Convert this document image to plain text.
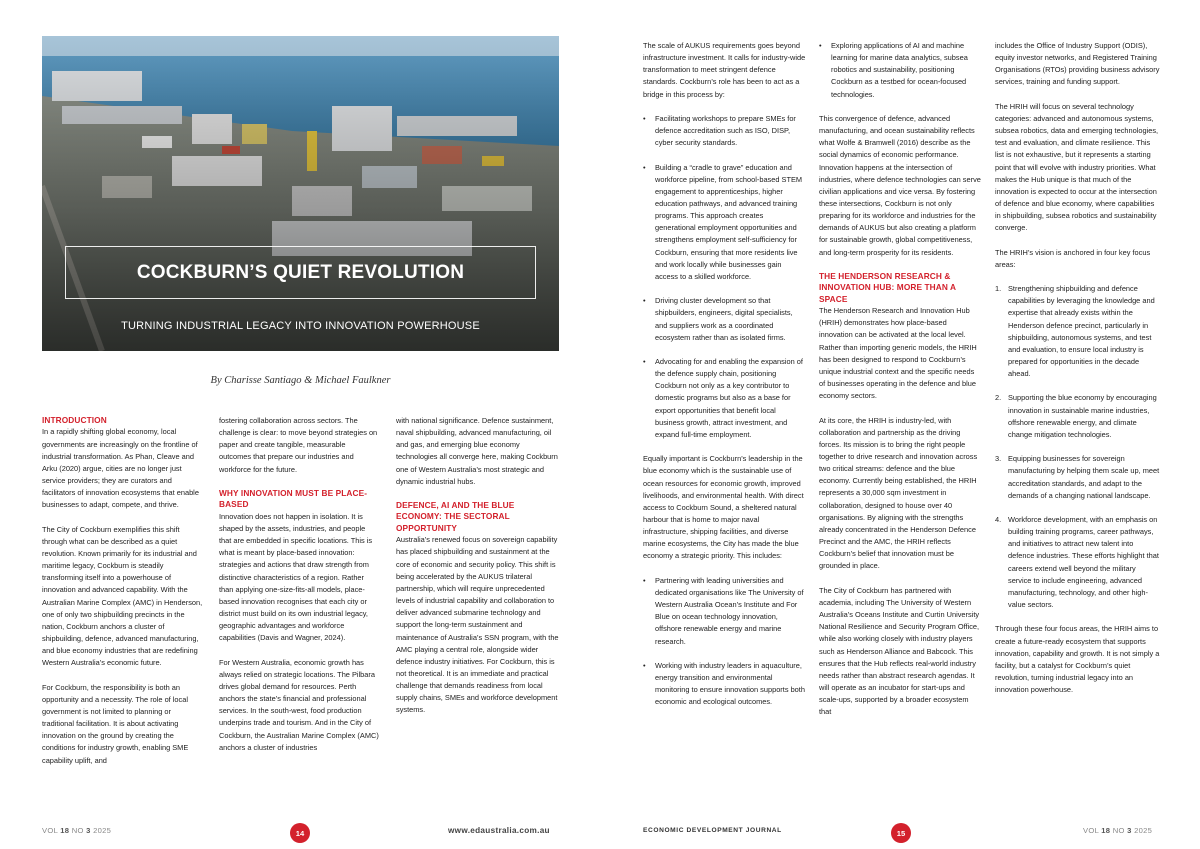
COCKBURN’S QUIET REVOLUTION
TURNING INDUSTRIAL LEGACY INTO INNOVATION POWERHOUSE
By Charisse Santiago & Michael Faulkner
INTRODUCTION

In a rapidly shifting global economy, local governments are increasingly on the frontline of industrial transformation. As Phan, Cleave and Arku (2020) argue, cities are no longer just service providers; they are curators and facilitators of innovation ecosystems that enable businesses to adapt, compete, and thrive.

The City of Cockburn exemplifies this shift through what can be described as a quiet revolution. Known primarily for its industrial and maritime legacy, Cockburn is steadily transforming itself into a powerhouse of innovation and advanced capability. With the Australian Marine Complex (AMC) in Henderson, one of only two shipbuilding precincts in the nation, Cockburn anchors a cluster of shipbuilding, defence, advanced manufacturing, and blue economy industries that are redefining Western Australia’s economic future.

For Cockburn, the responsibility is both an opportunity and a necessity. The role of local government is not limited to planning or traditional facilitation. It is about activating innovation on the ground by creating the conditions for industry growth, enabling SME capability uplift, and

fostering collaboration across sectors. The challenge is clear: to move beyond strategies on paper and create tangible, measurable outcomes that prepare our industries and workforce for the future.

WHY INNOVATION MUST BE PLACE-BASED

Innovation does not happen in isolation. It is shaped by the assets, industries, and people that are embedded in specific locations. This is what is meant by place-based innovation: strategies and actions that draw strength from distinctive characteristics of a region. Rather than applying one-size-fits-all models, place-based innovation recognises that each city or district must build on its own industrial legacy, geographic advantages and workforce capabilities (Davis and Wagner, 2024).

For Western Australia, economic growth has always relied on strategic locations. The Pilbara drives global demand for resources. Perth anchors the state’s financial and professional services. In the south-west, food production underpins trade and tourism. And in the City of Cockburn, the Australian Marine Complex (AMC) anchors a cluster of industries

with national significance. Defence sustainment, naval shipbuilding, advanced manufacturing, oil and gas, and emerging blue economy technologies all converge here, making Cockburn one of Western Australia’s most strategic and dynamic industrial hubs.

DEFENCE, AI AND THE BLUE ECONOMY: THE SECTORAL OPPORTUNITY

Australia’s renewed focus on sovereign capability has placed shipbuilding and sustainment at the core of economic and security policy. This shift is being accelerated by the AUKUS trilateral partnership, which will require unprecedented levels of industrial capability and collaboration to deliver advanced submarine technology and support the long-term sustainment and maintenance of Australia’s SSN program, with the AMC playing a central role, alongside wider defence industry initiatives. For Cockburn, this is not theoretical. It is an immediate and practical challenge that demands readiness from local supply chains, SMEs and workforce development systems.

VOL 18 NO 3 2025	14	www.edaustralia.com.au

The scale of AUKUS requirements goes beyond infrastructure investment. It calls for industry-wide transformation to meet stringent defence standards. Cockburn’s role has been to act as a bridge in this process by:

• Facilitating workshops to prepare SMEs for defence accreditation such as ISO, DISP, cyber security standards.
• Building a “cradle to grave” education and workforce pipeline, from school-based STEM engagement to apprenticeships, higher education pathways, and advanced training programs. This approach creates generational employment opportunities and strengthens employment self-sufficiency for Cockburn, ensuring that more residents live and work locally while businesses gain access to a skilled workforce.
• Driving cluster development so that shipbuilders, engineers, digital specialists, and suppliers work as a coordinated ecosystem rather than as isolated firms.
• Advocating for and enabling the expansion of the defence supply chain, positioning Cockburn not only as a key contributor to domestic programs but also as a base for export opportunities that benefit local business growth, attract investment, and expand full-time employment.

Equally important is Cockburn’s leadership in the blue economy which is the sustainable use of ocean resources for economic growth, improved livelihoods, and environmental health. With direct access to Cockburn Sound, a sheltered natural harbour that is home to major naval infrastructure, shipping facilities, and diverse marine ecosystems, the City has made the blue economy a strategic priority. This includes:

• Partnering with leading universities and dedicated organisations like The University of Western Australia Ocean’s Institute and For Blue on ocean technology innovation, offshore renewable energy and marine research.
• Working with industry leaders in aquaculture, energy transition and environmental monitoring to ensure innovation supports both economic and ecological outcomes.
• Exploring applications of AI and machine learning for marine data analytics, subsea robotics and sustainability, positioning Cockburn as a testbed for ocean-focused technologies.

This convergence of defence, advanced manufacturing, and ocean sustainability reflects what Wolfe & Bramwell (2016) describe as the social dynamics of economic performance. Innovation happens at the intersection of industries, where defence technologies can serve civilian applications and vice versa. By fostering these intersections, Cockburn is not only preparing for its workforce and industries for the demands of AUKUS but also creating a platform for sustainable growth, global competitiveness, and long-term prosperity for its residents.

THE HENDERSON RESEARCH & INNOVATION HUB: MORE THAN A SPACE

The Henderson Research and Innovation Hub (HRIH) demonstrates how place-based innovation can be activated at the local level. Rather than importing generic models, the HRIH has been designed to respond to Cockburn’s unique industrial context and the specific needs of businesses operating in the defence and blue economy sectors.

At its core, the HRIH is industry-led, with collaboration and partnership as the driving forces. Its mission is to bring the right people together to drive research and innovation across two critical streams: defence and the blue economy. Currently being established, the HRIH represents a 30,000 sqm investment in collaboration, designed to house over 40 organisations. By aligning with the strengths already concentrated in the Henderson Defence Precinct and the AMC, the HRIH reflects Cockburn’s belief that innovation must be grounded in place.

The City of Cockburn has partnered with academia, including The University of Western Australia’s Oceans Institute and Curtin University National Resilience and Security Program Office, while also working closely with industry players such as Henderson Alliance and Babcock. This ensures that the Hub reflects real-world industry needs rather than abstract research agendas. It will operate as an incubator for start-ups and scale-ups, supported by a broader ecosystem that

includes the Office of Industry Support (ODIS), equity investor networks, and Registered Training Organisations (RTOs) providing business advisory services, training and funding support.

The HRIH will focus on several technology categories: advanced and autonomous systems, subsea robotics, data and emerging technologies, test and evaluation, and climate resilience. This list is not exhaustive, but it represents a starting point that will evolve with industry priorities. What makes the Hub unique is that much of the innovation is expected to occur at the intersection of defence and blue economy, where capabilities in shipbuilding, subsea robotics and sustainability converge.

The HRIH’s vision is anchored in four key focus areas:

1. Strengthening shipbuilding and defence capabilities by leveraging the knowledge and expertise that already exists within the Henderson defence precinct, particularly in shipbuilding, autonomous systems, and test and evaluation, to ensure local industry is prepared for opportunities in the decade ahead.
2. Supporting the blue economy by encouraging innovation in sustainable marine industries, offshore renewable energy, and climate change mitigation technologies.
3. Equipping businesses for sovereign manufacturing by helping them scale up, meet accreditation standards, and adapt to the demands of a changing national landscape.
4. Workforce development, with an emphasis on building training programs, career pathways, and initiatives to attract new talent into defence industries. These efforts highlight that careers extend well beyond the military service to include engineering, advanced manufacturing, technology, and other high-value sectors.

Through these four focus areas, the HRIH aims to create a future-ready ecosystem that supports innovation, capability and growth. It is not simply a facility, but a catalyst for Cockburn’s quiet revolution, turning industrial legacy into an innovation powerhouse.

ECONOMIC DEVELOPMENT JOURNAL	15	VOL 18 NO 3 2025
